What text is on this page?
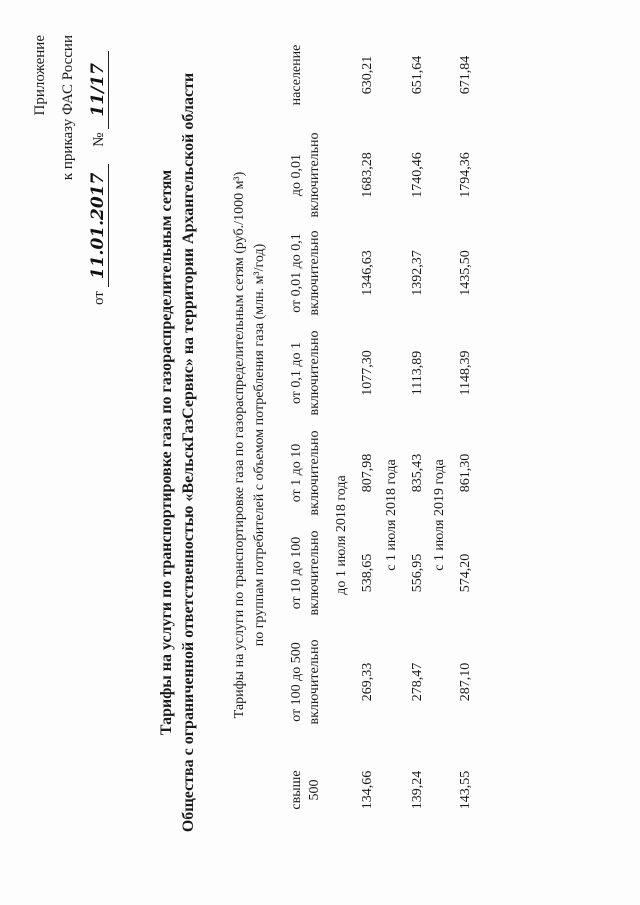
Приложение к приказу ФАС России
от 11.01.2017  № 11/17
Тарифы на услуги по транспортировке газа по газораспределительным сетям Общества с ограниченной ответственностью «ВельскГазСервис» на территории Архангельской области	Тарифы на услуги по транспортировке газа по газораспределительным сетям (руб./1000 м³) по группам потребителей с объемом потребления газа (млн. м³/год)
свыше 500
от 100 до 500 включительно
от 10 до 100 включительно
от 1 до 10 включительно
от 0,1 до 1 включительно
от 0,01 до 0,1 включительно
до 0,01 включительно
население
до 1 июля 2018 года
134,66
269,33
538,65
807,98
1077,30
1346,63
1683,28
630,21
с 1 июля 2018 года
139,24
278,47
556,95
835,43
1113,89
1392,37
1740,46
651,64
с 1 июля 2019 года
143,55
287,10
574,20
861,30
1148,39
1435,50
1794,36
671,84
